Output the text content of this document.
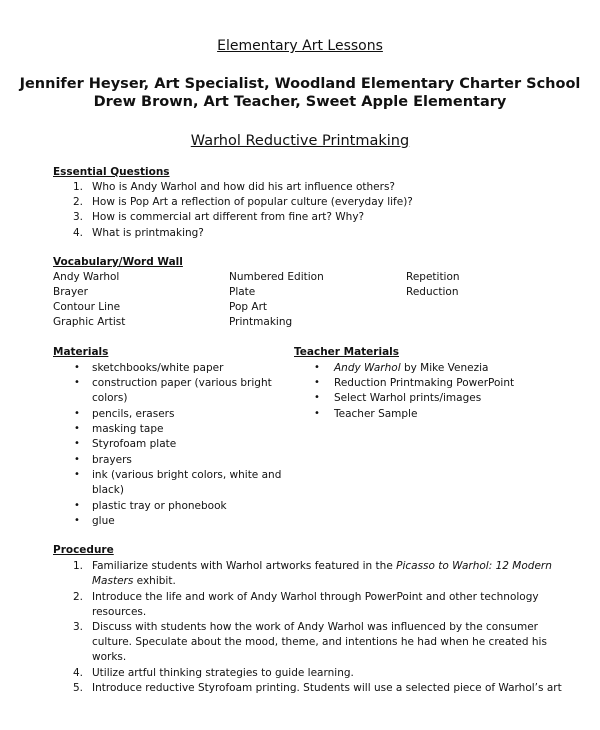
Elementary Art Lessons
Jennifer Heyser, Art Specialist, Woodland Elementary Charter School
Drew Brown, Art Teacher, Sweet Apple Elementary
Warhol Reductive Printmaking
Essential Questions
1. Who is Andy Warhol and how did his art influence others?
2. How is Pop Art a reflection of popular culture (everyday life)?
3. How is commercial art different from fine art? Why?
4. What is printmaking?
Vocabulary/Word Wall
Andy Warhol
Brayer
Contour Line
Graphic Artist
Numbered Edition
Plate
Pop Art
Printmaking
Repetition
Reduction
Materials
• sketchbooks/white paper
• construction paper (various bright
colors)
• pencils, erasers
• masking tape
• Styrofoam plate
• brayers
• ink (various bright colors, white and
black)
• plastic tray or phonebook
• glue
Teacher Materials
• Andy Warhol by Mike Venezia
• Reduction Printmaking PowerPoint
• Select Warhol prints/images
• Teacher Sample
Procedure
1. Familiarize students with Warhol artworks featured in the Picasso to Warhol: 12 Modern
Masters exhibit.
2. Introduce the life and work of Andy Warhol through PowerPoint and other technology
resources.
3. Discuss with students how the work of Andy Warhol was influenced by the consumer
culture. Speculate about the mood, theme, and intentions he had when he created his
works.
4. Utilize artful thinking strategies to guide learning.
5. Introduce reductive Styrofoam printing. Students will use a selected piece of Warhol’s art
